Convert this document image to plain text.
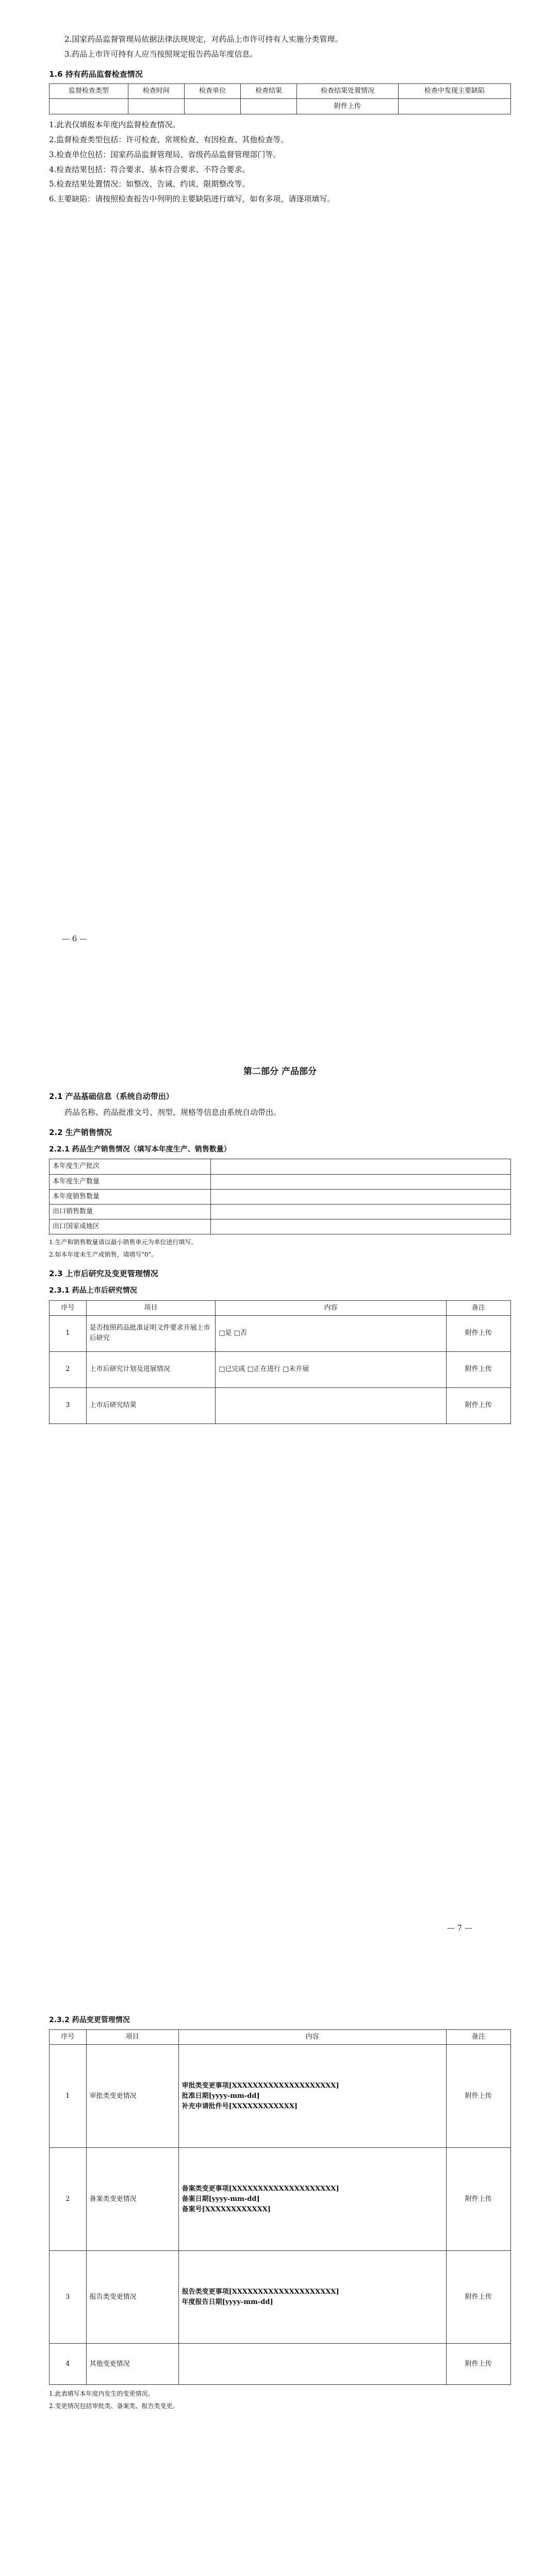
2.国家药品监督管理局依据法律法规规定，对药品上市许可持有人实施分类管理。

3.药品上市许可持有人应当按照规定报告药品年度信息。

1.6 持有药品监督检查情况
监督检查类型	检查时间	检查单位	检查结果	检查结果处置情况	检查中发现主要缺陷
				附件上传	

1.此表仅填报本年度内监督检查情况。

2.监督检查类型包括：许可检查、常规检查、有因检查、其他检查等。

3.检查单位包括：国家药品监督管理局、省级药品监督管理部门等。

4.检查结果包括：符合要求、基本符合要求、不符合要求。

5.检查结果处置情况：如整改、告诫、约谈、限期整改等。

6.主要缺陷：请按照检查报告中列明的主要缺陷进行填写，如有多项，请逐项填写。

— 6 —
第二部分 产品部分
2.1 产品基础信息（系统自动带出）

药品名称、药品批准文号、剂型、规格等信息由系统自动带出。

2.2 生产销售情况
2.2.1 药品生产销售情况（填写本年度生产、销售数量）
本年度生产批次	
本年度生产数量	
本年度销售数量	
出口销售数量	
出口国家或地区	

1.生产和销售数量请以最小销售单元为单位进行填写。

2.如本年度未生产或销售，请填写"0"。

2.3 上市后研究及变更管理情况
2.3.1 药品上市后研究情况
序号	项目	内容	备注
1	是否按照药品批准证明文件要求开展上市后研究	□是 □否	附件上传
2	上市后研究计划及进展情况	□已完成 □正在进行 □未开展	附件上传
3	上市后研究结果		附件上传
— 7 —
2.3.2 药品变更管理情况
序号	项目	内容	备注
1	审批类变更情况	审批类变更事项[XXXXXXXXXXXXXXXXXXXX]
批准日期[yyyy-mm-dd]
补充申请批件号[XXXXXXXXXXXX]	附件上传
2	备案类变更情况	备案类变更事项[XXXXXXXXXXXXXXXXXXXX]
备案日期[yyyy-mm-dd]
备案号[XXXXXXXXXXXX]	附件上传
3	报告类变更情况	报告类变更事项[XXXXXXXXXXXXXXXXXXXX]
年度报告日期[yyyy-mm-dd]	附件上传
4	其他变更情况		附件上传

1.此表填写本年度内发生的变更情况。

2.变更情况包括审批类、备案类、报告类变更。
